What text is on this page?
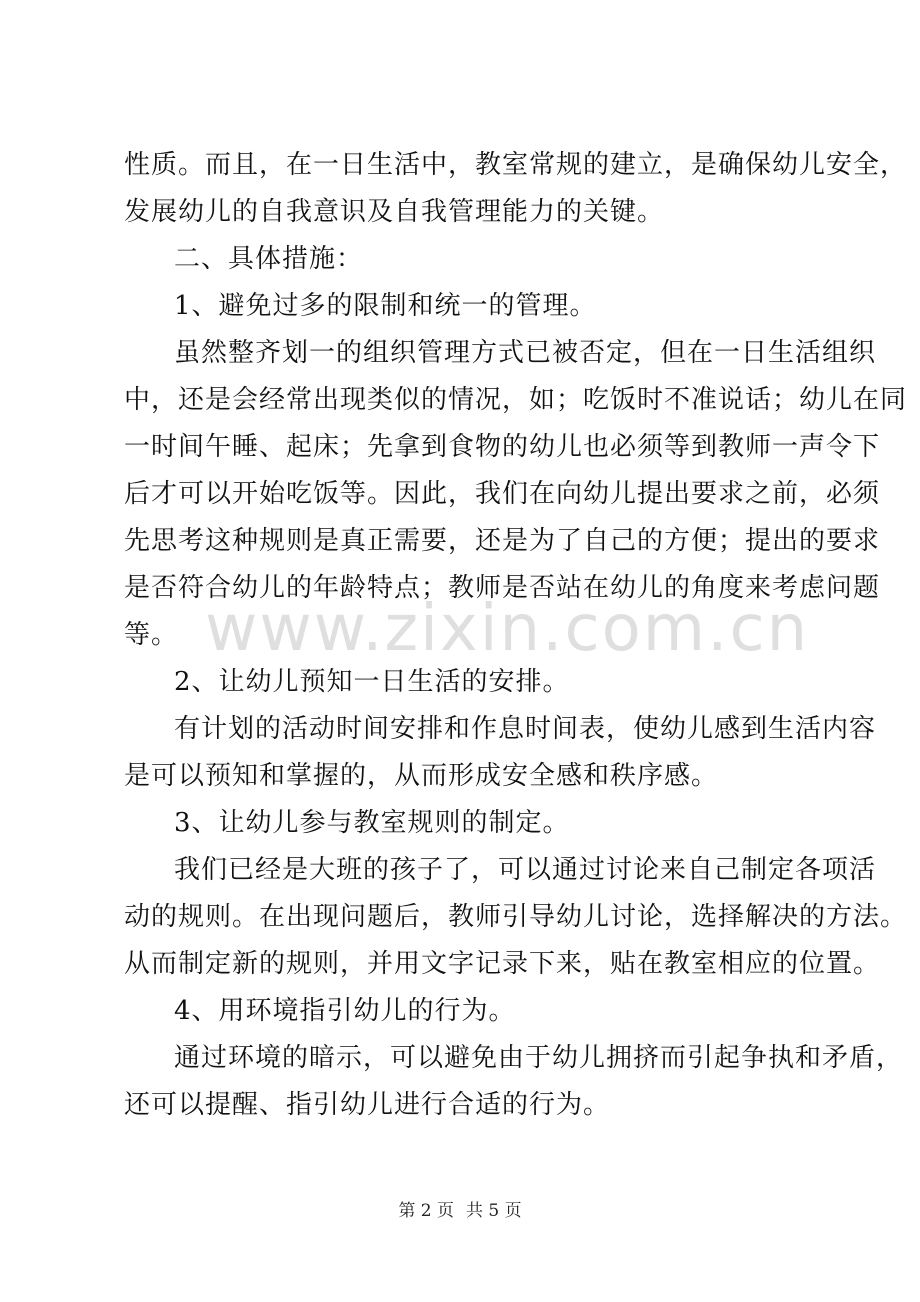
性质。而且，在一日生活中，教室常规的建立，是确保幼儿安全，
发展幼儿的自我意识及自我管理能力的关键。
二、具体措施：
1、避免过多的限制和统一的管理。
虽然整齐划一的组织管理方式已被否定，但在一日生活组织
中，还是会经常出现类似的情况，如；吃饭时不准说话；幼儿在同
一时间午睡、起床；先拿到食物的幼儿也必须等到教师一声令下
后才可以开始吃饭等。因此，我们在向幼儿提出要求之前，必须
先思考这种规则是真正需要，还是为了自己的方便；提出的要求
是否符合幼儿的年龄特点；教师是否站在幼儿的角度来考虑问题
等。
2、让幼儿预知一日生活的安排。
有计划的活动时间安排和作息时间表，使幼儿感到生活内容
是可以预知和掌握的，从而形成安全感和秩序感。
3、让幼儿参与教室规则的制定。
我们已经是大班的孩子了，可以通过讨论来自己制定各项活
动的规则。在出现问题后，教师引导幼儿讨论，选择解决的方法。
从而制定新的规则，并用文字记录下来，贴在教室相应的位置。
4、用环境指引幼儿的行为。
通过环境的暗示，可以避免由于幼儿拥挤而引起争执和矛盾，
还可以提醒、指引幼儿进行合适的行为。
www.zixin.com.cn
第 2 页 共 5 页
